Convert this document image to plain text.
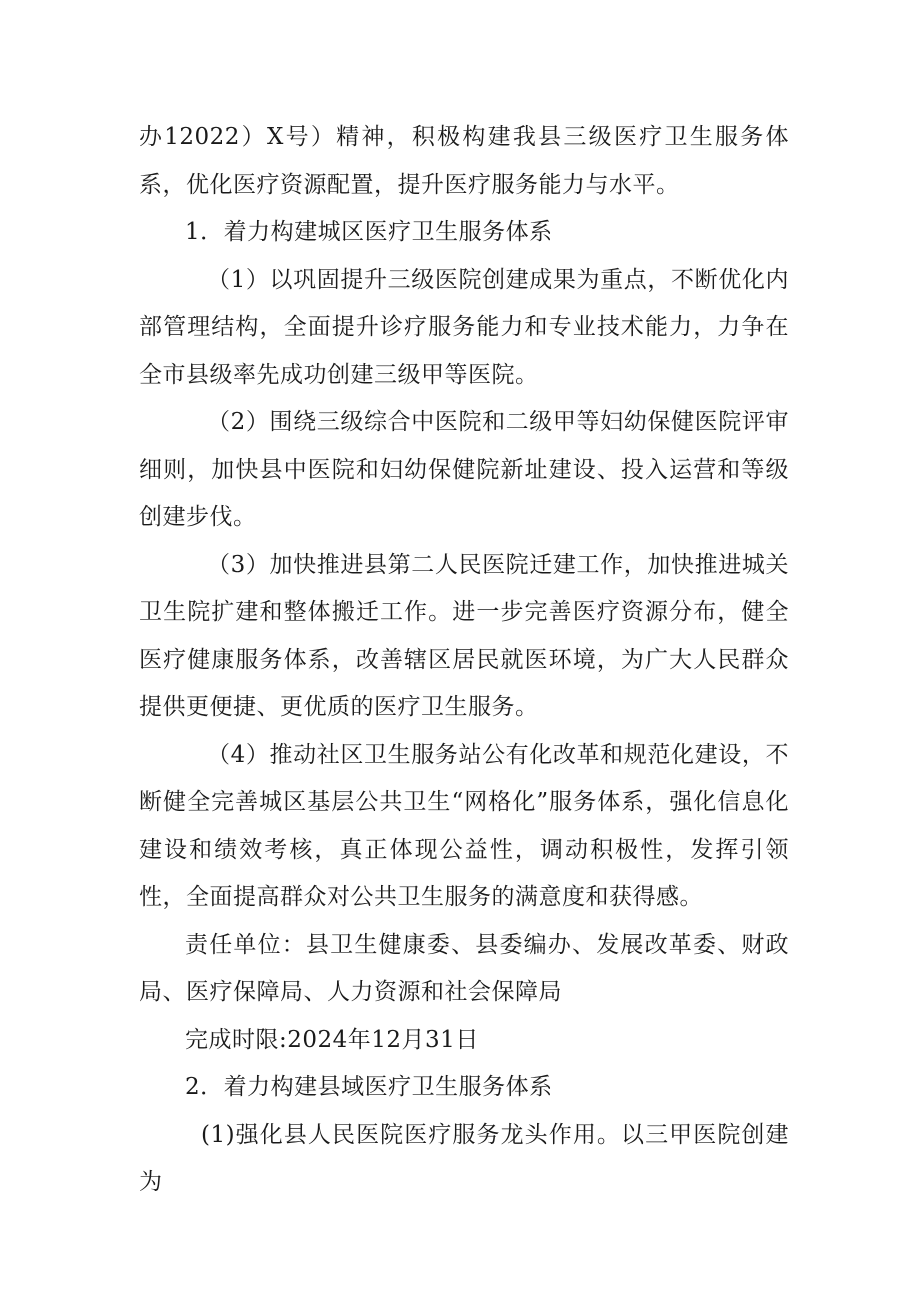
办12022）X号）精神，积极构建我县三级医疗卫生服务体系，优化医疗资源配置，提升医疗服务能力与水平。

1．着力构建城区医疗卫生服务体系

（1）以巩固提升三级医院创建成果为重点，不断优化内部管理结构，全面提升诊疗服务能力和专业技术能力，力争在全市县级率先成功创建三级甲等医院。

（2）围绕三级综合中医院和二级甲等妇幼保健医院评审细则，加快县中医院和妇幼保健院新址建设、投入运营和等级创建步伐。

（3）加快推进县第二人民医院迁建工作，加快推进城关卫生院扩建和整体搬迁工作。进一步完善医疗资源分布，健全医疗健康服务体系，改善辖区居民就医环境，为广大人民群众提供更便捷、更优质的医疗卫生服务。

（4）推动社区卫生服务站公有化改革和规范化建设，不断健全完善城区基层公共卫生“网格化”服务体系，强化信息化建设和绩效考核，真正体现公益性，调动积极性，发挥引领性，全面提高群众对公共卫生服务的满意度和获得感。

责任单位：县卫生健康委、县委编办、发展改革委、财政局、医疗保障局、人力资源和社会保障局

完成时限:2024年12月31日

2．着力构建县域医疗卫生服务体系

(1)强化县人民医院医疗服务龙头作用。以三甲医院创建为
